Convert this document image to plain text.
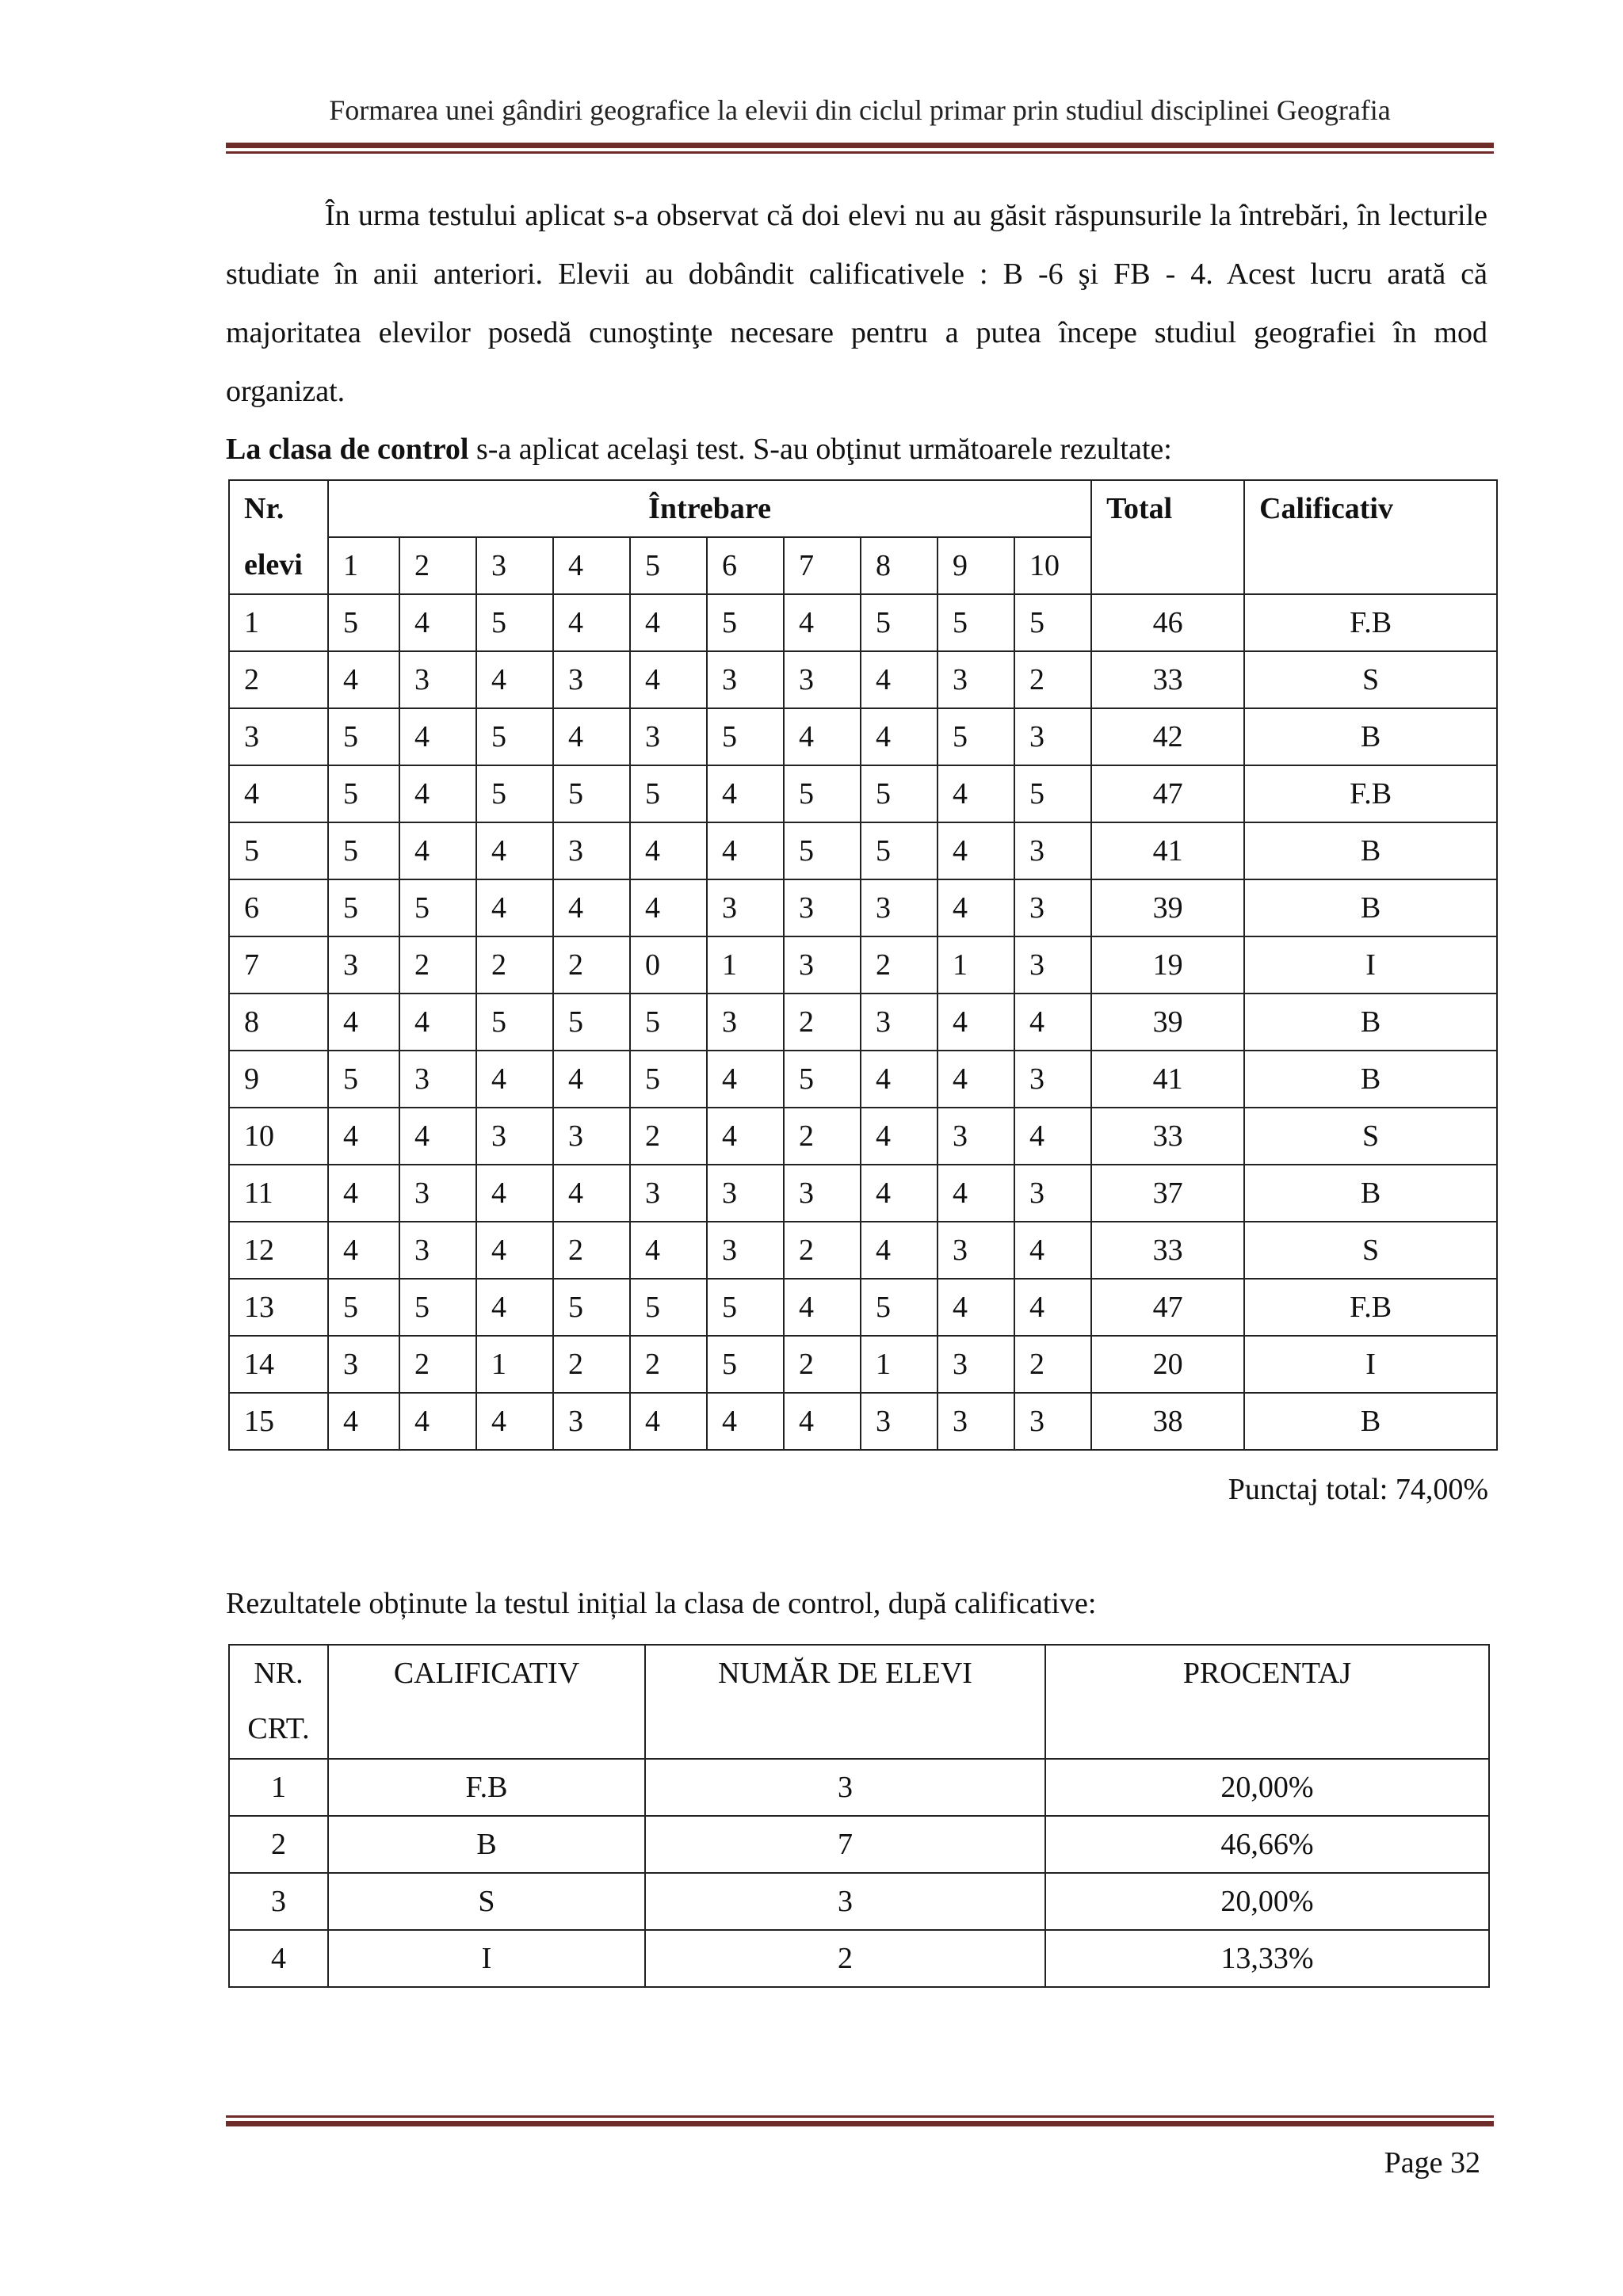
Formarea unei gândiri geografice la elevii din ciclul primar prin studiul disciplinei Geografia
În urma testului aplicat s-a observat că doi elevi nu au găsit răspunsurile la întrebări, în lecturile studiate în anii anteriori. Elevii au dobândit calificativele : B -6 şi FB - 4. Acest lucru arată că majoritatea elevilor posedă cunoştinţe necesare pentru a putea începe studiul geografiei în mod organizat.
La clasa de control s-a aplicat acelaşi test. S-au obţinut următoarele rezultate:
Nr.	Întrebare										Total	Calificativ
elevi	1	2	3	4	5	6	7	8	9	10		
1	5	4	5	4	4	5	4	5	5	5	46	F.B
2	4	3	4	3	4	3	3	4	3	2	33	S
3	5	4	5	4	3	5	4	4	5	3	42	B
4	5	4	5	5	5	4	5	5	4	5	47	F.B
5	5	4	4	3	4	4	5	5	4	3	41	B
6	5	5	4	4	4	3	3	3	4	3	39	B
7	3	2	2	2	0	1	3	2	1	3	19	I
8	4	4	5	5	5	3	2	3	4	4	39	B
9	5	3	4	4	5	4	5	4	4	3	41	B
10	4	4	3	3	2	4	2	4	3	4	33	S
11	4	3	4	4	3	3	3	4	4	3	37	B
12	4	3	4	2	4	3	2	4	3	4	33	S
13	5	5	4	5	5	5	4	5	4	4	47	F.B
14	3	2	1	2	2	5	2	1	3	2	20	I
15	4	4	4	3	4	4	4	3	3	3	38	B
Punctaj total: 74,00%
Rezultatele obținute la testul inițial la clasa de control, după calificative:
NR.
CRT.	CALIFICATIV	NUMĂR DE ELEVI	PROCENTAJ
1	F.B	3	20,00%
2	B	7	46,66%
3	S	3	20,00%
4	I	2	13,33%
Page 32
